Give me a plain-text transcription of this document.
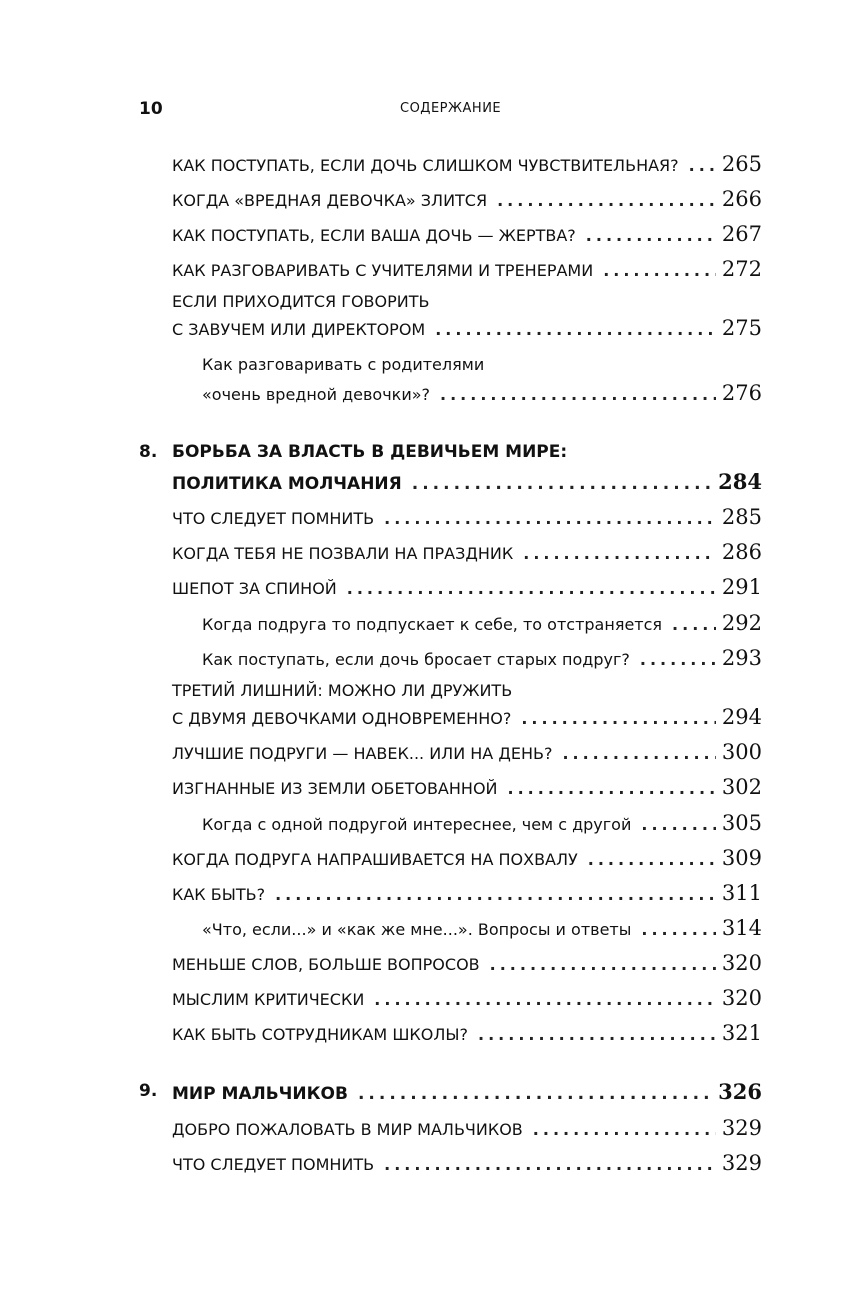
10	СОДЕРЖАНИЕ
КАК ПОСТУПАТЬ, ЕСЛИ ДОЧЬ СЛИШКОМ ЧУВСТВИТЕЛЬНАЯ? ..... 265
КОГДА «ВРЕДНАЯ ДЕВОЧКА» ЗЛИТСЯ .....	266
КАК ПОСТУПАТЬ, ЕСЛИ ВАША ДОЧЬ — ЖЕРТВА? .....	267
КАК РАЗГОВАРИВАТЬ С УЧИТЕЛЯМИ И ТРЕНЕРАМИ .....	272
ЕСЛИ ПРИХОДИТСЯ ГОВОРИТЬ
С ЗАВУЧЕМ ИЛИ ДИРЕКТОРОМ .....	275
Как разговаривать с родителями
«очень вредной девочки»? .....	276
8. БОРЬБА ЗА ВЛАСТЬ В ДЕВИЧЬЕМ МИРЕ:
ПОЛИТИКА МОЛЧАНИЯ .....	284
ЧТО СЛЕДУЕТ ПОМНИТЬ .....	285
КОГДА ТЕБЯ НЕ ПОЗВАЛИ НА ПРАЗДНИК .....	286
ШЕПОТ ЗА СПИНОЙ .....	291
Когда подруга то подпускает к себе, то отстраняется .....	292
Как поступать, если дочь бросает старых подруг? .....	293
ТРЕТИЙ ЛИШНИЙ: МОЖНО ЛИ ДРУЖИТЬ
С ДВУМЯ ДЕВОЧКАМИ ОДНОВРЕМЕННО? .....	294
ЛУЧШИЕ ПОДРУГИ — НАВЕК... ИЛИ НА ДЕНЬ? .....	300
ИЗГНАННЫЕ ИЗ ЗЕМЛИ ОБЕТОВАННОЙ .....	302
Когда с одной подругой интереснее, чем с другой .....	305
КОГДА ПОДРУГА НАПРАШИВАЕТСЯ НА ПОХВАЛУ .....	309
КАК БЫТЬ? .....	311
«Что, если...» и «как же мне...». Вопросы и ответы .....	314
МЕНЬШЕ СЛОВ, БОЛЬШЕ ВОПРОСОВ .....	320
МЫСЛИМ КРИТИЧЕСКИ .....	320
КАК БЫТЬ СОТРУДНИКАМ ШКОЛЫ? .....	321
9. МИР МАЛЬЧИКОВ .....	326
ДОБРО ПОЖАЛОВАТЬ В МИР МАЛЬЧИКОВ .....	329
ЧТО СЛЕДУЕТ ПОМНИТЬ .....	329
